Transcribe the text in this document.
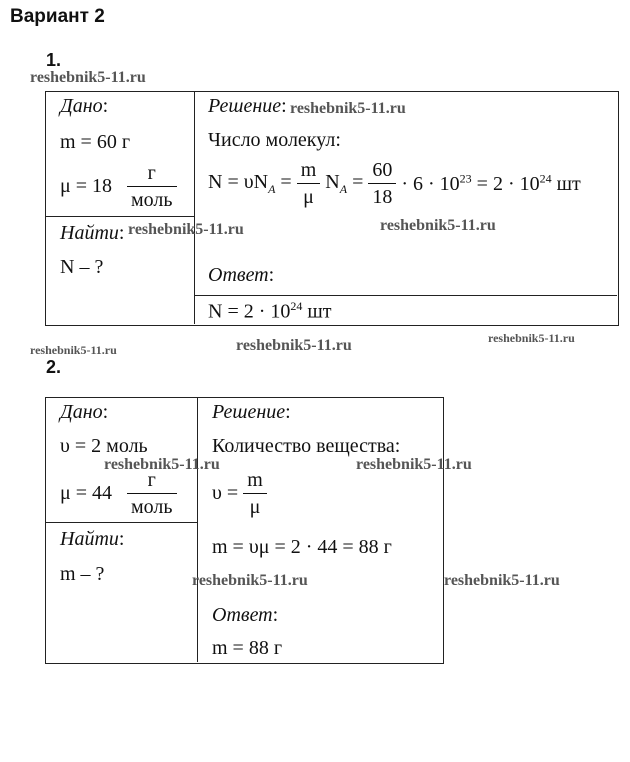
Вариант 2
1.
reshebnik5-11.ru
Дано:
m = 60 г
$\mu = 18 \frac{г}{\text{моль}}$
Найти:
N – ?
Решение:
Число молекул:
$N = \upsilon N_A = \frac{m}{\mu} N_A = \frac{60}{18} \cdot 6 \cdot 10^{23} = 2 \cdot 10^{24}$ шт
Ответ:
$N = 2 \cdot 10^{24}$ шт
reshebnik5-11.ru
reshebnik5-11.ru	reshebnik5-11.ru
reshebnik5-11.ru	reshebnik5-11.ru	reshebnik5-11.ru
2.
Дано:
υ = 2 моль
$\mu = 44 \frac{г}{\text{моль}}$
Найти:
m – ?
Решение:
Количество вещества:
$\upsilon = \frac{m}{\mu}$
m = υμ = 2 · 44 = 88 г
Ответ:
m = 88 г
reshebnik5-11.ru	reshebnik5-11.ru
reshebnik5-11.ru	reshebnik5-11.ru
